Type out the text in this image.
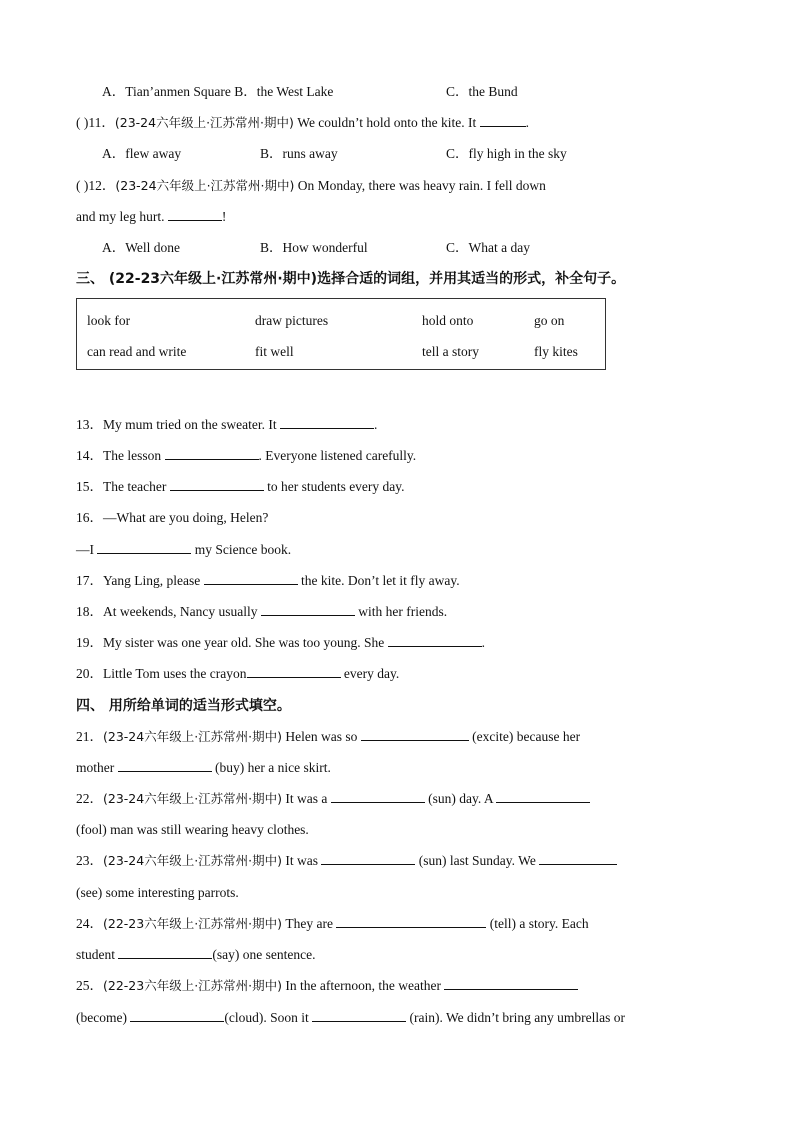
A．Tian’anmen Square B．the West Lake	C．the Bund
( )11．(23-24六年级上·江苏常州·期中) We couldn’t hold onto the kite. It	.
A．flew away	B．runs away	C．fly high in the sky
( )12．(23-24六年级上·江苏常州·期中) On Monday, there was heavy rain. I fell down
and my leg hurt.	!
A．Well done	B．How wonderful	C．What a day
三、 (22-23六年级上·江苏常州·期中)选择合适的词组，并用其适当的形式，补全句子。
look for	draw pictures	hold onto	go on
can read and write	fit well	tell a story	fly kites
13．My mum tried on the sweater. It	.
14．The lesson	. Everyone listened carefully.
15．The teacher	to her students every day.
16．—What are you doing, Helen?
—I	my Science book.
17．Yang Ling, please	the kite. Don’t let it fly away.
18．At weekends, Nancy usually	with her friends.
19．My sister was one year old. She was too young. She	.
20．Little Tom uses the crayon	every day.
四、 用所给单词的适当形式填空。
21．(23-24六年级上·江苏常州·期中) Helen was so	(excite) because her
mother	(buy) her a nice skirt.
22．(23-24六年级上·江苏常州·期中) It was a	(sun) day. A
(fool) man was still wearing heavy clothes.
23．(23-24六年级上·江苏常州·期中) It was	(sun) last Sunday. We
(see) some interesting parrots.
24．(22-23六年级上·江苏常州·期中) They are	(tell) a story. Each
student	(say) one sentence.
25．(22-23六年级上·江苏常州·期中) In the afternoon, the weather
(become)	(cloud). Soon it	(rain). We didn’t bring any umbrellas or
